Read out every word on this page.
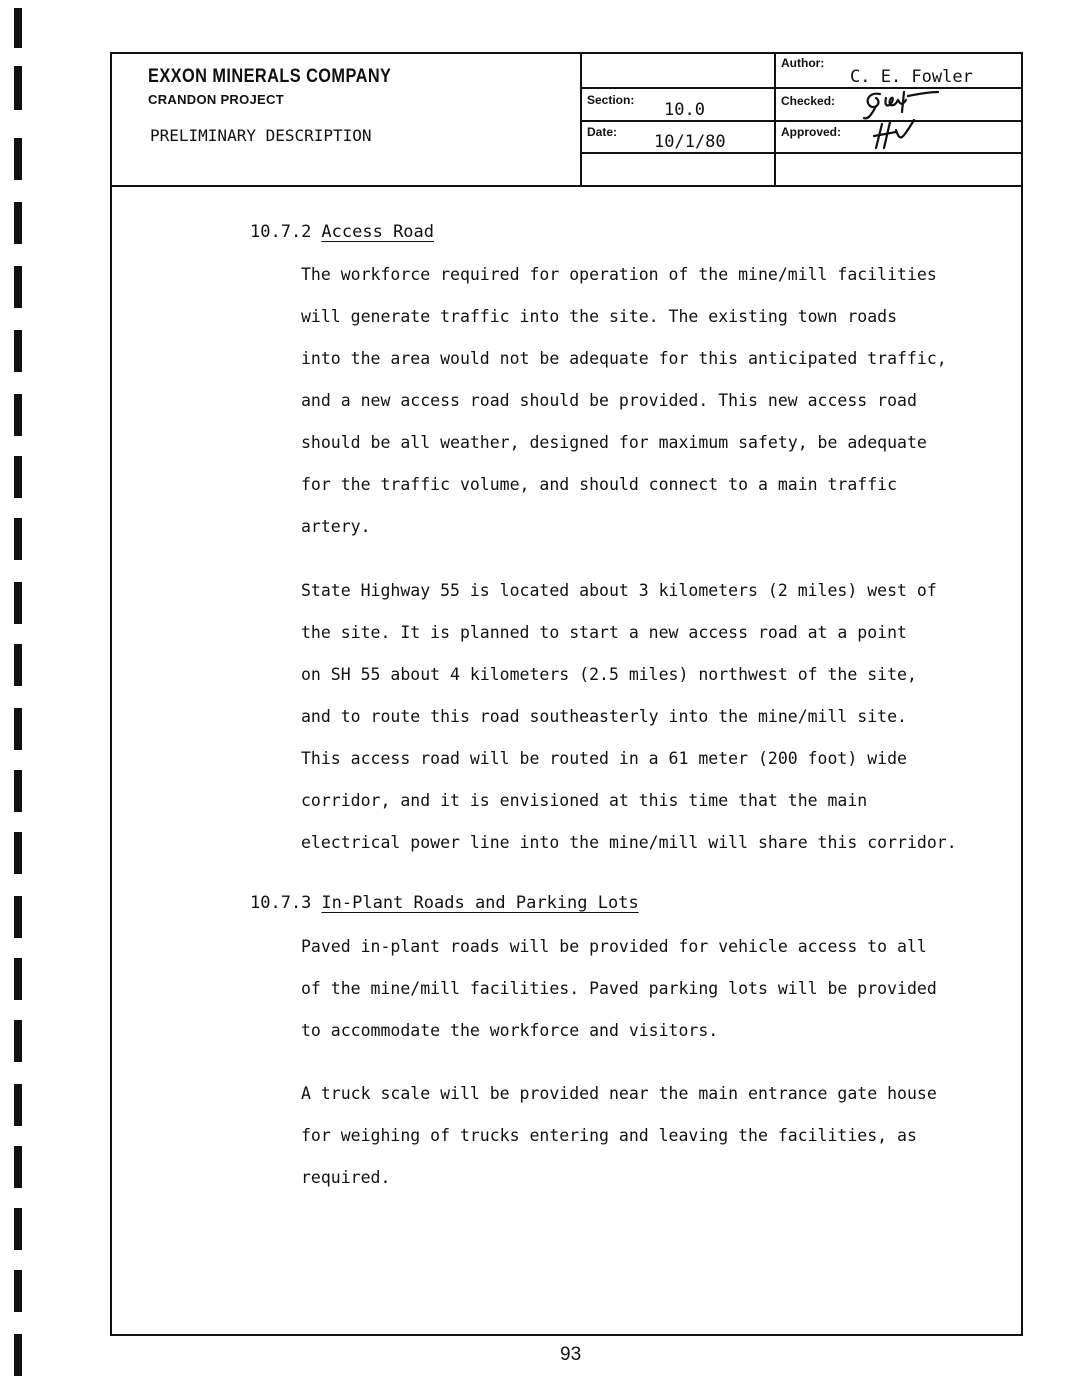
EXXON MINERALS COMPANY
CRANDON PROJECT
PRELIMINARY DESCRIPTION
Section: 10.0
Date: 10/1/80
Author:
C. E. Fowler
Checked:
Approved:
10.7.2 Access Road
The workforce required for operation of the mine/mill facilities
will generate traffic into the site. The existing town roads
into the area would not be adequate for this anticipated traffic,
and a new access road should be provided. This new access road
should be all weather, designed for maximum safety, be adequate
for the traffic volume, and should connect to a main traffic
artery.
State Highway 55 is located about 3 kilometers (2 miles) west of
the site. It is planned to start a new access road at a point
on SH 55 about 4 kilometers (2.5 miles) northwest of the site,
and to route this road southeasterly into the mine/mill site.
This access road will be routed in a 61 meter (200 foot) wide
corridor, and it is envisioned at this time that the main
electrical power line into the mine/mill will share this corridor.
10.7.3 In-Plant Roads and Parking Lots
Paved in-plant roads will be provided for vehicle access to all
of the mine/mill facilities. Paved parking lots will be provided
to accommodate the workforce and visitors.
A truck scale will be provided near the main entrance gate house
for weighing of trucks entering and leaving the facilities, as
required.
93
